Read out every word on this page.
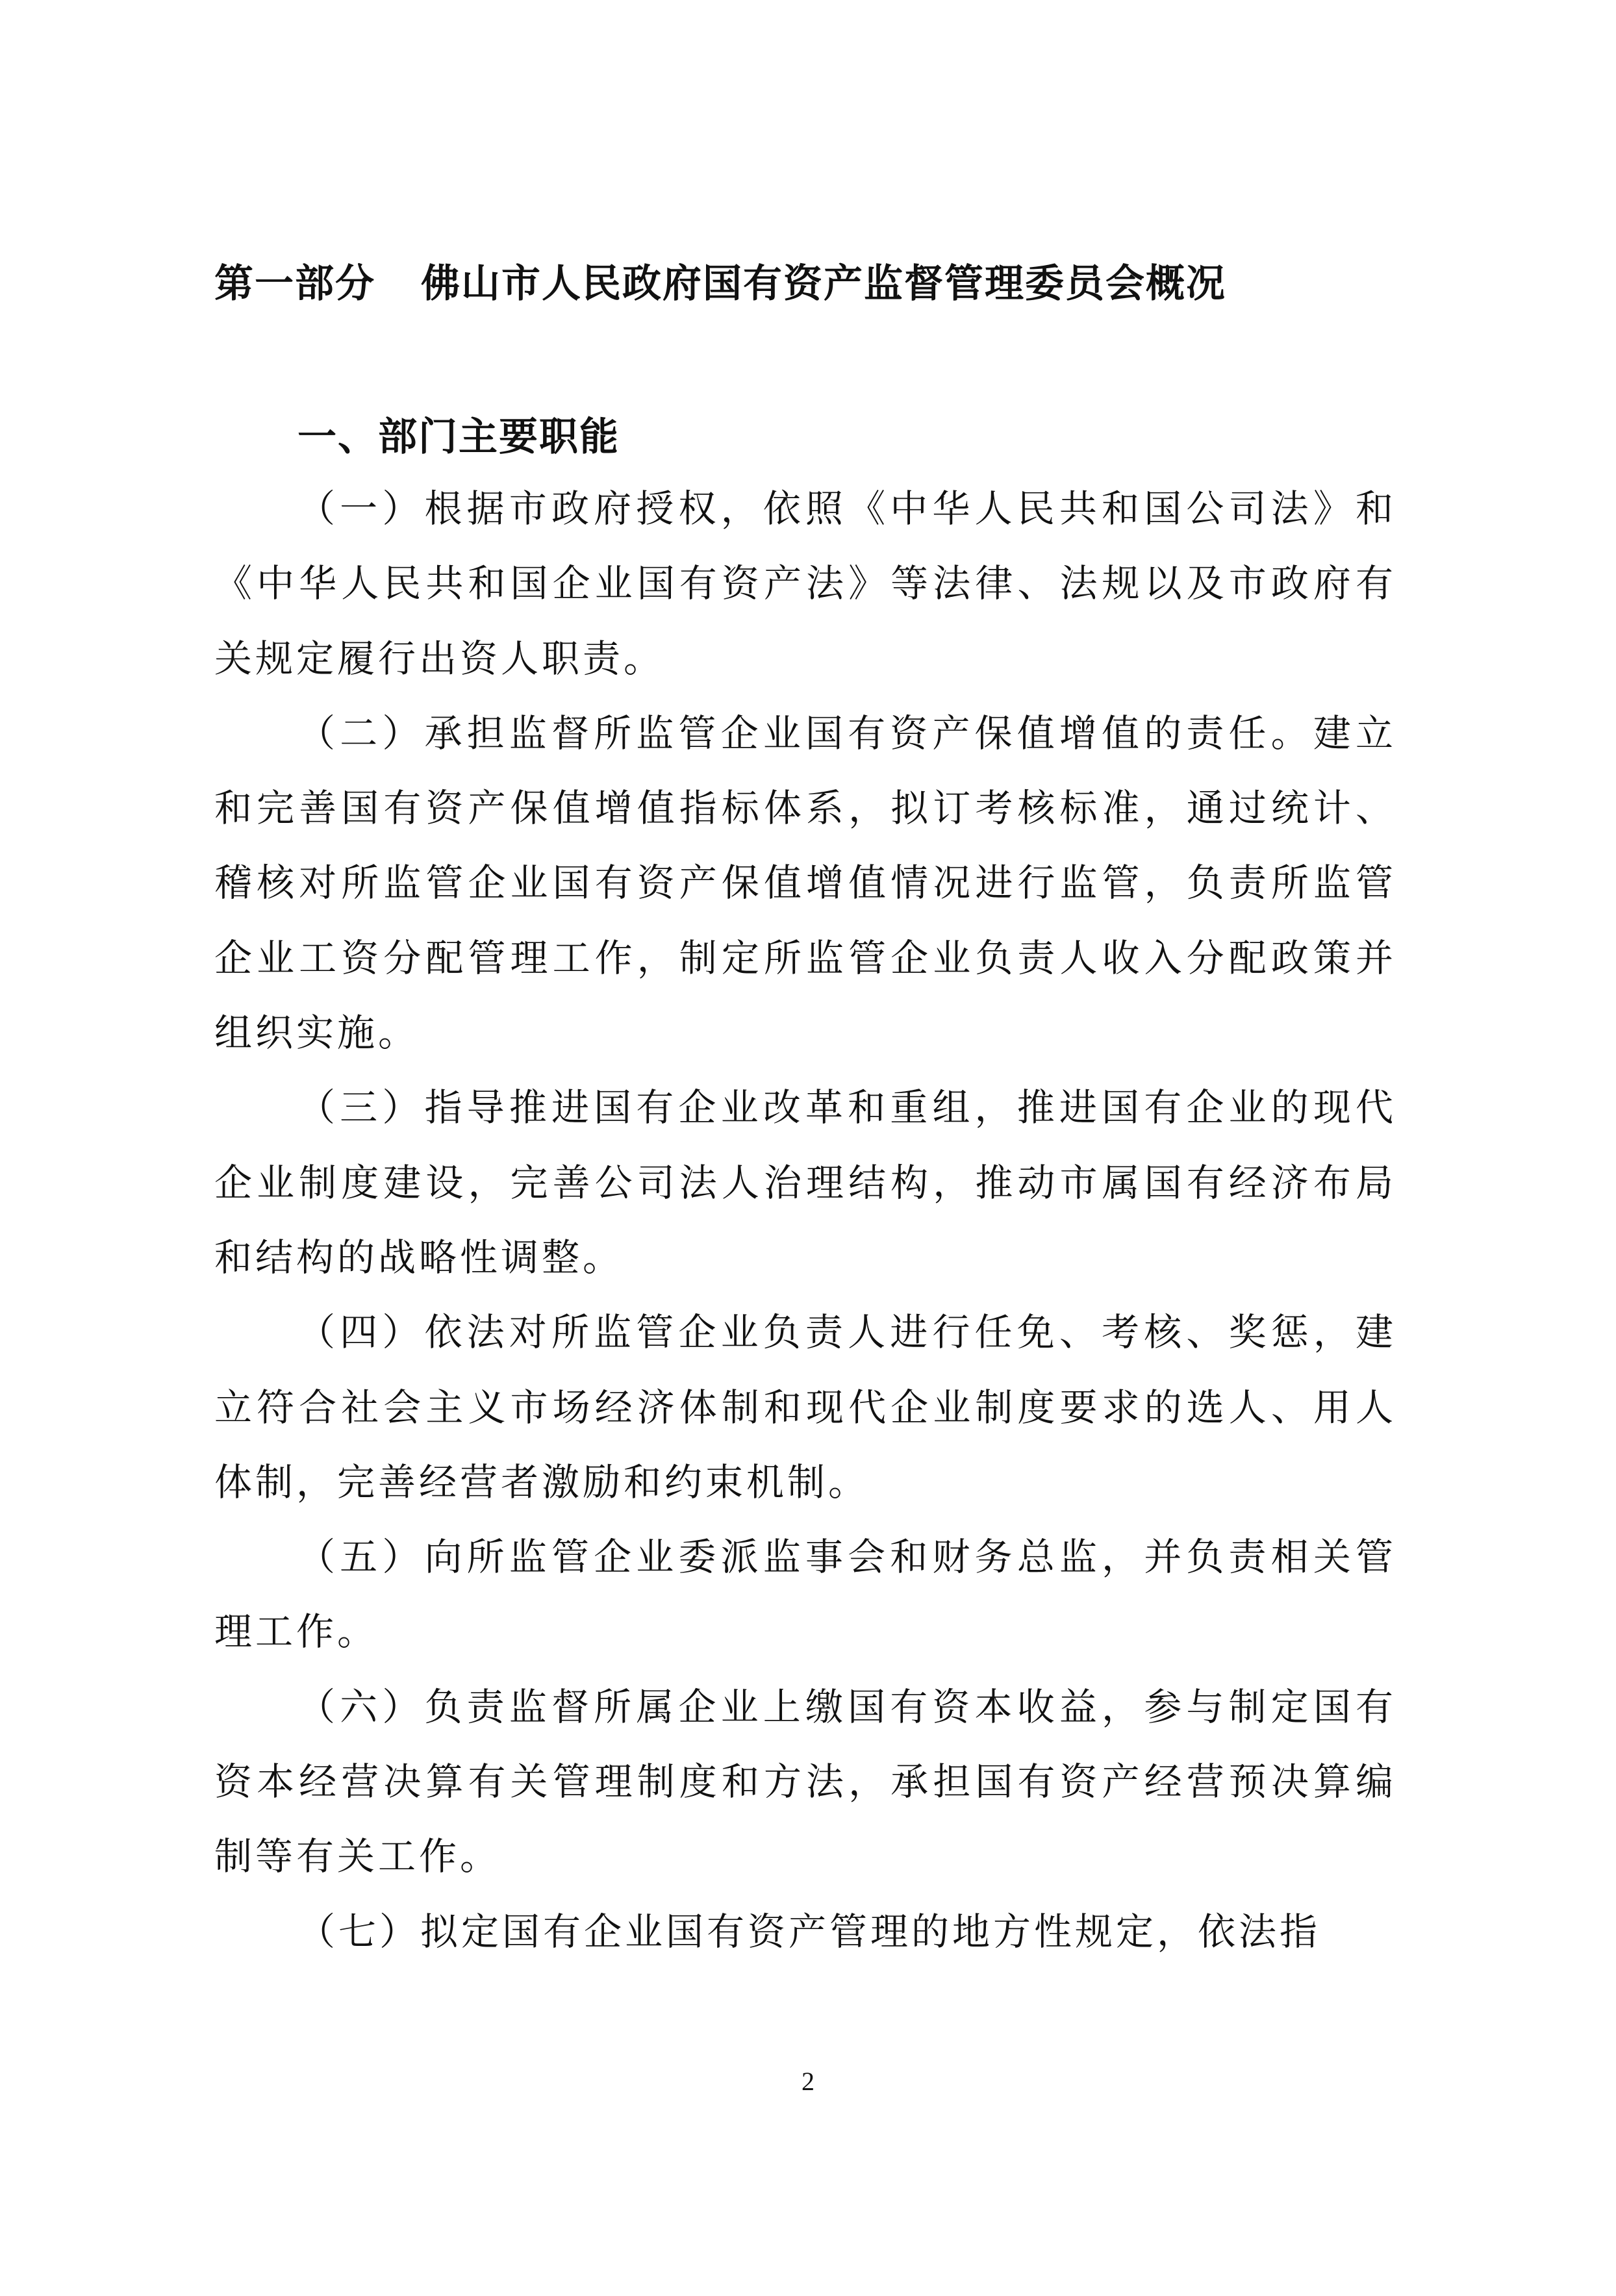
第一部分 佛山市人民政府国有资产监督管理委员会概况
一、部门主要职能

（一）根据市政府授权，依照《中华人民共和国公司法》和《中华人民共和国企业国有资产法》等法律、法规以及市政府有关规定履行出资人职责。

（二）承担监督所监管企业国有资产保值增值的责任。建立和完善国有资产保值增值指标体系，拟订考核标准，通过统计、稽核对所监管企业国有资产保值增值情况进行监管，负责所监管企业工资分配管理工作，制定所监管企业负责人收入分配政策并组织实施。

（三）指导推进国有企业改革和重组，推进国有企业的现代企业制度建设，完善公司法人治理结构，推动市属国有经济布局和结构的战略性调整。

（四）依法对所监管企业负责人进行任免、考核、奖惩，建立符合社会主义市场经济体制和现代企业制度要求的选人、用人体制，完善经营者激励和约束机制。

（五）向所监管企业委派监事会和财务总监，并负责相关管理工作。

（六）负责监督所属企业上缴国有资本收益，参与制定国有资本经营决算有关管理制度和方法，承担国有资产经营预决算编制等有关工作。

（七）拟定国有企业国有资产管理的地方性规定，依法指

2
